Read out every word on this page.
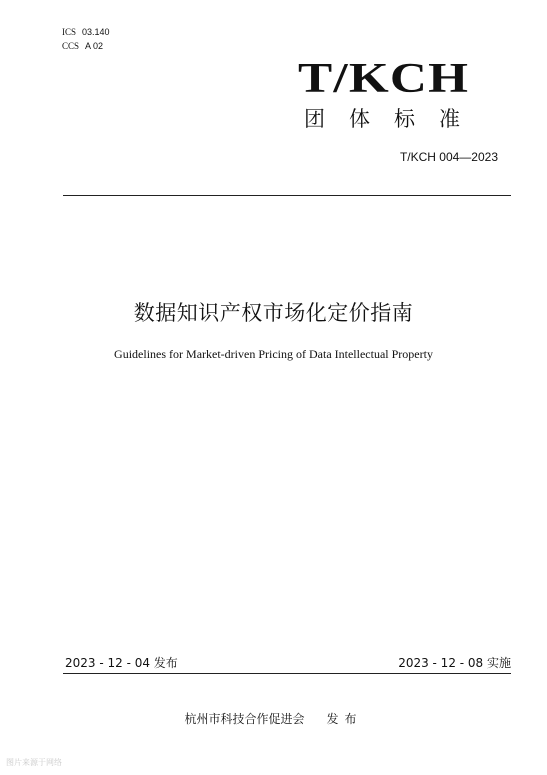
ICS 03.140
CCS A 02
T/KCH
团体标准
T/KCH 004—2023
数据知识产权市场化定价指南
Guidelines for Market-driven Pricing of Data Intellectual Property
2023 - 12 - 04 发布	2023 - 12 - 08 实施
杭州市科技合作促进会 发布
图片来源于网络
